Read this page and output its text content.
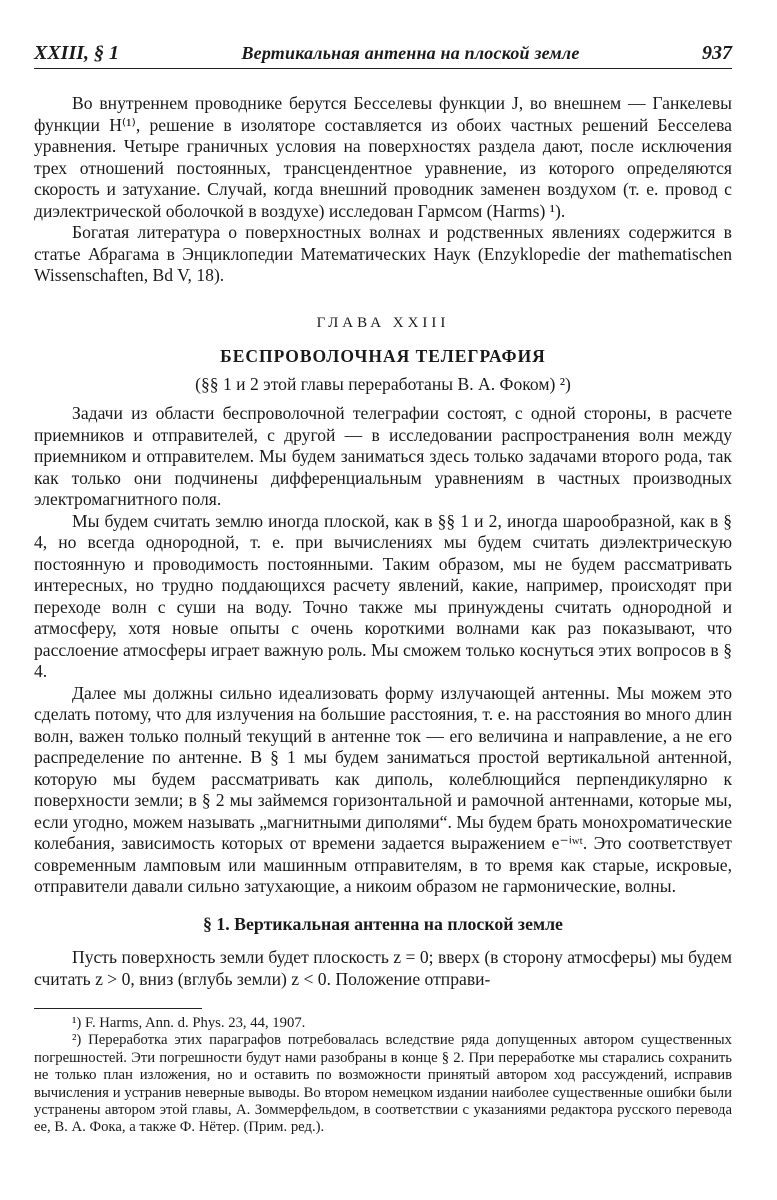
XXIII, § 1	Вертикальная антенна на плоской земле	937

Во внутреннем проводнике берутся Бесселевы функции J, во внешнем — Ганкелевы функции H⁽¹⁾, решение в изоляторе составляется из обоих частных решений Бесселева уравнения. Четыре граничных условия на поверхностях раздела дают, после исключения трех отношений постоянных, трансцендентное уравнение, из которого определяются скорость и затухание. Случай, когда внешний проводник заменен воздухом (т. е. провод с диэлектрической оболочкой в воздухе) исследован Гармсом (Harms) ¹).

Богатая литература о поверхностных волнах и родственных явлениях содержится в статье Абрагама в Энциклопедии Математических Наук (Enzyklopedie der mathematischen Wissenschaften, Bd V, 18).

ГЛАВА XXIII
БЕСПРОВОЛОЧНАЯ ТЕЛЕГРАФИЯ
(§§ 1 и 2 этой главы переработаны В. А. Фоком) ²)

Задачи из области беспроволочной телеграфии состоят, с одной стороны, в расчете приемников и отправителей, с другой — в исследовании распространения волн между приемником и отправителем. Мы будем заниматься здесь только задачами второго рода, так как только они подчинены дифференциальным уравнениям в частных производных электромагнитного поля.

Мы будем считать землю иногда плоской, как в §§ 1 и 2, иногда шарообразной, как в § 4, но всегда однородной, т. е. при вычислениях мы будем считать диэлектрическую постоянную и проводимость постоянными. Таким образом, мы не будем рассматривать интересных, но трудно поддающихся расчету явлений, какие, например, происходят при переходе волн с суши на воду. Точно также мы принуждены считать однородной и атмосферу, хотя новые опыты с очень короткими волнами как раз показывают, что расслоение атмосферы играет важную роль. Мы сможем только коснуться этих вопросов в § 4.

Далее мы должны сильно идеализовать форму излучающей антенны. Мы можем это сделать потому, что для излучения на большие расстояния, т. е. на расстояния во много длин волн, важен только полный текущий в антенне ток — его величина и направление, а не его распределение по антенне. В § 1 мы будем заниматься простой вертикальной антенной, которую мы будем рассматривать как диполь, колеблющийся перпендикулярно к поверхности земли; в § 2 мы займемся горизонтальной и рамочной антеннами, которые мы, если угодно, можем называть „магнитными диполями“. Мы будем брать монохроматические колебания, зависимость которых от времени задается выражением e⁻ⁱʷᵗ. Это соответствует современным ламповым или машинным отправителям, в то время как старые, искровые, отправители давали сильно затухающие, а никоим образом не гармонические, волны.

§ 1. Вертикальная антенна на плоской земле

Пусть поверхность земли будет плоскость z = 0; вверх (в сторону атмосферы) мы будем считать z > 0, вниз (вглубь земли) z < 0. Положение отправи-

¹) F. Harms, Ann. d. Phys. 23, 44, 1907.

²) Переработка этих параграфов потребовалась вследствие ряда допущенных автором существенных погрешностей. Эти погрешности будут нами разобраны в конце § 2. При переработке мы старались сохранить не только план изложения, но и оставить по возможности принятый автором ход рассуждений, исправив вычисления и устранив неверные выводы. Во втором немецком издании наиболее существенные ошибки были устранены автором этой главы, А. Зоммерфельдом, в соответствии с указаниями редактора русского перевода ее, В. А. Фока, а также Ф. Нётер. (Прим. ред.).
